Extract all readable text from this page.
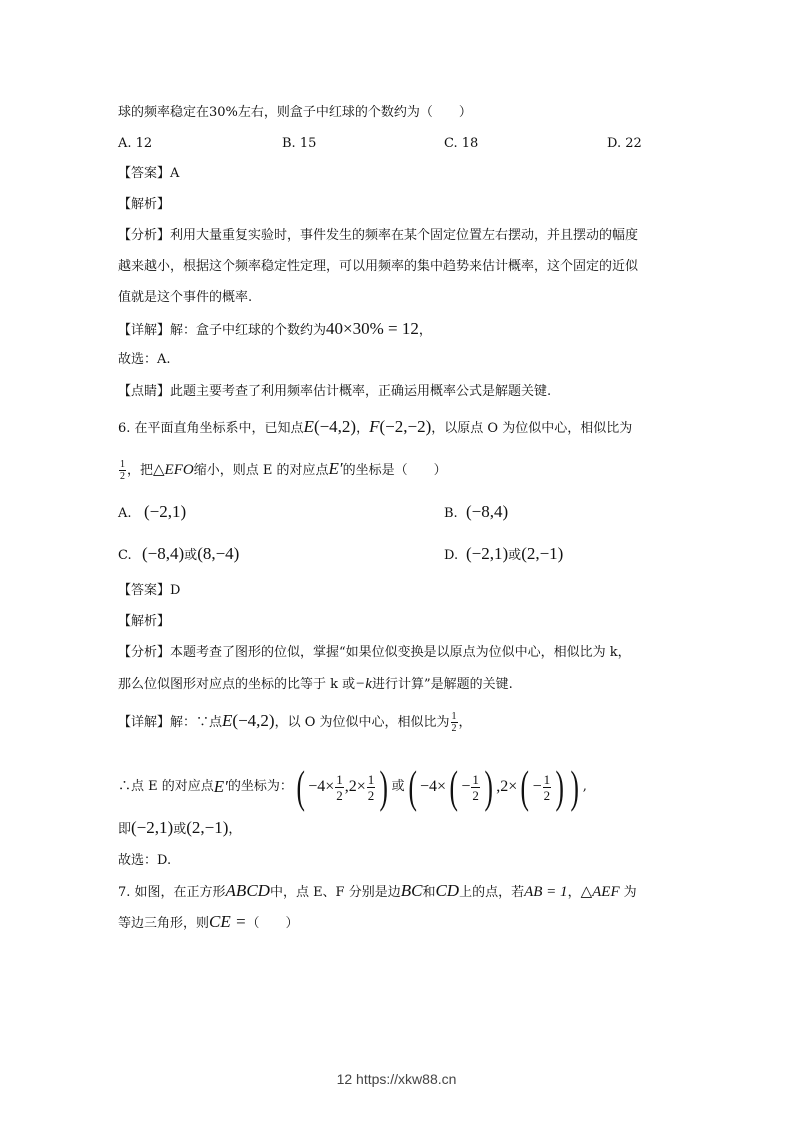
球的频率稳定在30%左右，则盒子中红球的个数约为（　　）
A. 12	B. 15	C. 18	D. 22
【答案】A
【解析】
【分析】利用大量重复实验时，事件发生的频率在某个固定位置左右摆动，并且摆动的幅度
越来越小，根据这个频率稳定性定理，可以用频率的集中趋势来估计概率，这个固定的近似
值就是这个事件的概率.
【详解】解：盒子中红球的个数约为40×30% = 12，
故选：A.
【点睛】此题主要考查了利用频率估计概率，正确运用概率公式是解题关键.
6. 在平面直角坐标系中，已知点E(−4,2)，F(−2,−2)，以原点 O 为位似中心，相似比为
$\frac{1}{2}$ ，把△EFO缩小，则点 E 的对应点E′的坐标是（　　）
A. (−2,1)	B. (−8,4)
C. (−8,4)或(8,−4)	D. (−2,1)或(2,−1)
【答案】D
【解析】
【分析】本题考查了图形的位似，掌握“如果位似变换是以原点为位似中心，相似比为 k，
那么位似图形对应点的坐标的比等于 k 或−k进行计算”是解题的关键.
【详解】解：∵点E(−4,2)，以 O 为位似中心，相似比为 $\frac{1}{2}$ ，
∴点 E 的对应点E′的坐标为：( $-4\times \frac{1}{2} ,2\times \frac{1}{2}$ ) 或( $-4\times( - \frac{1}{2}$ ) $,2\times( - \frac{1}{2}$ ) ) ,
即(−2,1)或(2,−1)，
故选：D.
7. 如图，在正方形ABCD中，点 E、F 分别是边BC和CD上的点，若AB = 1，△AEF 为
等边三角形，则CE =（　　）
12 https://xkw88.cn
